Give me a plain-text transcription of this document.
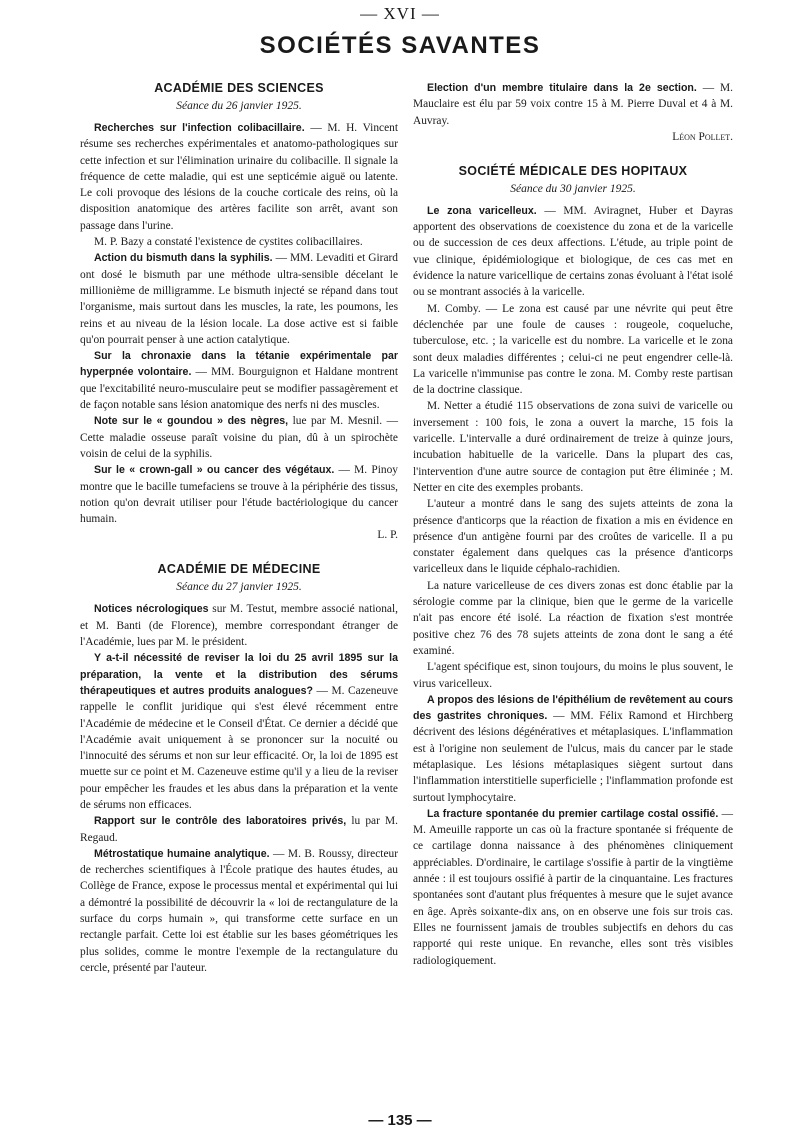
— XVI —
SOCIÉTÉS SAVANTES
ACADÉMIE DES SCIENCES
Séance du 26 janvier 1925.

Recherches sur l'infection colibacillaire. — M. H. Vincent résume ses recherches expérimentales et anatomo-pathologiques sur cette infection et sur l'élimination urinaire du colibacille. Il signale la fréquence de cette maladie, qui est une septicémie aiguë ou latente. Le coli provoque des lésions de la couche corticale des reins, où la disposition anatomique des artères facilite son arrêt, avant son passage dans l'urine.

M. P. Bazy a constaté l'existence de cystites colibacillaires.

Action du bismuth dans la syphilis. — MM. Levaditi et Girard ont dosé le bismuth par une méthode ultra-sensible décelant le millionième de milligramme. Le bismuth injecté se répand dans tout l'organisme, mais surtout dans les muscles, la rate, les poumons, les reins et au niveau de la lésion locale. La dose active est si faible qu'on pourrait penser à une action catalytique.

Sur la chronaxie dans la tétanie expérimentale par hyperpnée volontaire. — MM. Bourguignon et Haldane montrent que l'excitabilité neuro-musculaire peut se modifier passagèrement et de façon notable sans lésion anatomique des nerfs ni des muscles.

Note sur le « goundou » des nègres, lue par M. Mesnil. — Cette maladie osseuse paraît voisine du pian, dû à un spirochète voisin de celui de la syphilis.

Sur le « crown-gall » ou cancer des végétaux. — M. Pinoy montre que le bacille tumefaciens se trouve à la périphérie des tissus, notion qu'on devrait utiliser pour l'étude bactériologique du cancer humain.

L. P.
ACADÉMIE DE MÉDECINE
Séance du 27 janvier 1925.

Notices nécrologiques sur M. Testut, membre associé national, et M. Banti (de Florence), membre correspondant étranger de l'Académie, lues par M. le président.

Y a-t-il nécessité de reviser la loi du 25 avril 1895 sur la préparation, la vente et la distribution des sérums thérapeutiques et autres produits analogues? — M. Cazeneuve rappelle le conflit juridique qui s'est élevé récemment entre l'Académie de médecine et le Conseil d'État. Ce dernier a décidé que l'Académie avait uniquement à se prononcer sur la nocuité ou l'innocuité des sérums et non sur leur efficacité. Or, la loi de 1895 est muette sur ce point et M. Cazeneuve estime qu'il y a lieu de la reviser pour empêcher les fraudes et les abus dans la préparation et la vente de sérums non efficaces.

Rapport sur le contrôle des laboratoires privés, lu par M. Regaud.

Métrostatique humaine analytique. — M. B. Roussy, directeur de recherches scientifiques à l'École pratique des hautes études, au Collège de France, expose le processus mental et expérimental qui lui a démontré la possibilité de découvrir la « loi de rectangulature de la surface du corps humain », qui transforme cette surface en un rectangle parfait. Cette loi est établie sur les bases géométriques les plus solides, comme le montre l'exemple de la rectangulature du cercle, présenté par l'auteur.

Election d'un membre titulaire dans la 2e section. — M. Mauclaire est élu par 59 voix contre 15 à M. Pierre Duval et 4 à M. Auvray.

Léon Pollet.
SOCIÉTÉ MÉDICALE DES HOPITAUX
Séance du 30 janvier 1925.

Le zona varicelleux. — MM. Aviragnet, Huber et Dayras apportent des observations de coexistence du zona et de la varicelle ou de succession de ces deux affections. L'étude, au triple point de vue clinique, épidémiologique et biologique, de ces cas met en évidence la nature varicellique de certains zonas évoluant à l'état isolé ou se montrant associés à la varicelle.

M. Comby. — Le zona est causé par une névrite qui peut être déclenchée par une foule de causes : rougeole, coqueluche, tuberculose, etc. ; la varicelle est du nombre. La varicelle et le zona sont deux maladies différentes ; celui-ci ne peut engendrer celle-là. La varicelle n'immunise pas contre le zona. M. Comby reste partisan de la doctrine classique.

M. Netter a étudié 115 observations de zona suivi de varicelle ou inversement : 100 fois, le zona a ouvert la marche, 15 fois la varicelle. L'intervalle a duré ordinairement de treize à quinze jours, incubation habituelle de la varicelle. Dans la plupart des cas, l'intervention d'une autre source de contagion put être éliminée ; M. Netter en cite des exemples probants.

L'auteur a montré dans le sang des sujets atteints de zona la présence d'anticorps que la réaction de fixation a mis en évidence en présence d'un antigène fourni par des croûtes de varicelle. Il a pu constater également dans quelques cas la présence d'anticorps varicelleux dans le liquide céphalo-rachidien.

La nature varicelleuse de ces divers zonas est donc établie par la sérologie comme par la clinique, bien que le germe de la varicelle n'ait pas encore été isolé. La réaction de fixation s'est montrée positive chez 76 des 78 sujets atteints de zona dont le sang a été examiné.

L'agent spécifique est, sinon toujours, du moins le plus souvent, le virus varicelleux.

A propos des lésions de l'épithélium de revêtement au cours des gastrites chroniques. — MM. Félix Ramond et Hirchberg décrivent des lésions dégénératives et métaplasiques. L'inflammation est à l'origine non seulement de l'ulcus, mais du cancer par le stade métaplasique. Les lésions métaplasiques siègent surtout dans l'inflammation interstitielle superficielle ; l'inflammation profonde est surtout lymphocytaire.

La fracture spontanée du premier cartilage costal ossifié. — M. Ameuille rapporte un cas où la fracture spontanée si fréquente de ce cartilage donna naissance à des phénomènes cliniquement appréciables. D'ordinaire, le cartilage s'ossifie à partir de la vingtième année : il est toujours ossifié à partir de la cinquantaine. Les fractures spontanées sont d'autant plus fréquentes à mesure que le sujet avance en âge. Après soixante-dix ans, on en observe une fois sur trois cas. Elles ne fournissent jamais de troubles subjectifs en dehors du cas rapporté qui reste unique. En revanche, elles sont très visibles radiologiquement.

— 135 —
